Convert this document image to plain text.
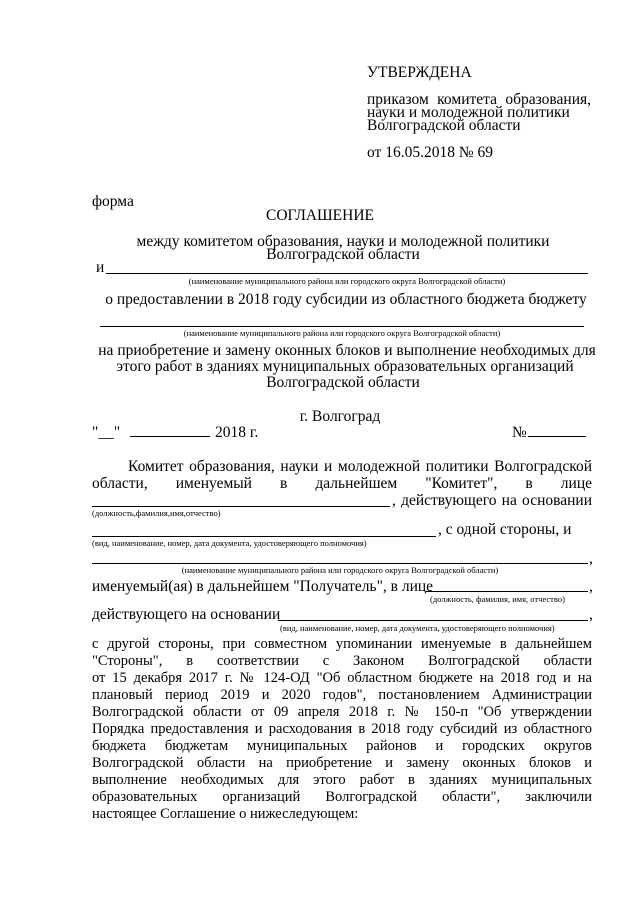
УТВЕРЖДЕНА
приказом комитета образования,
науки и молодежной политики
Волгоградской области
от 16.05.2018 № 69
форма
СОГЛАШЕНИЕ
между комитетом образования, науки и молодежной политики
Волгоградской области
и
(наименование муниципального района или городского округа Волгоградской области)
о предоставлении в 2018 году субсидии из областного бюджета бюджету
(наименование муниципального района или городского округа Волгоградской области)
на приобретение и замену оконных блоков и выполнение необходимых для
этого работ в зданиях муниципальных образовательных организаций
Волгоградской области
г. Волгоград
"__"	2018 г.	№
Комитет образования, науки и молодежной политики Волгоградской
области, именуемый в дальнейшем "Комитет", в лице
, действующего на основании
(должность,фамилия,имя,отчество)
, с одной стороны, и
(вид, наименование, номер, дата документа, удостоверяющего полномочия)
,
(наименование муниципального района или городского округа Волгоградской области)
именуемый(ая) в дальнейшем "Получатель", в лице	,
(должность, фамилия, имя, отчество)
действующего на основании	,
(вид, наименование, номер, дата документа, удостоверяющего полномочия)
с другой стороны, при совместном упоминании именуемые в дальнейшем
"Стороны", в соответствии с Законом Волгоградской области
от 15 декабря 2017 г. № 124-ОД "Об областном бюджете на 2018 год и на
плановый период 2019 и 2020 годов", постановлением Администрации
Волгоградской области от 09 апреля 2018 г. № 150-п "Об утверждении
Порядка предоставления и расходования в 2018 году субсидий из областного
бюджета бюджетам муниципальных районов и городских округов
Волгоградской области на приобретение и замену оконных блоков и
выполнение необходимых для этого работ в зданиях муниципальных
образовательных организаций Волгоградской области", заключили
настоящее Соглашение о нижеследующем:
